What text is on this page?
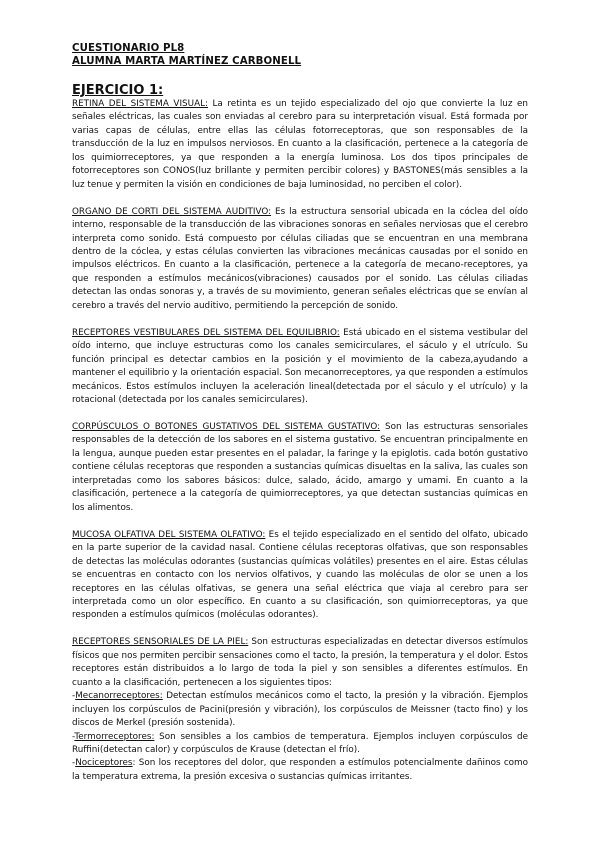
CUESTIONARIO PL8
ALUMNA MARTA MARTÍNEZ CARBONELL
EJERCICIO 1:

RETINA DEL SISTEMA VISUAL: La retinta es un tejido especializado del ojo que convierte la luz en señales eléctricas, las cuales son enviadas al cerebro para su interpretación visual. Está formada por varias capas de células, entre ellas las células fotorreceptoras, que son responsables de la transducción de la luz en impulsos nerviosos. En cuanto a la clasificación, pertenece a la categoría de los quimiorreceptores, ya que responden a la energía luminosa. Los dos tipos principales de fotorreceptores son CONOS(luz brillante y permiten percibir colores) y BASTONES(más sensibles a la luz tenue y permiten la visión en condiciones de baja luminosidad, no perciben el color).

ORGANO DE CORTI DEL SISTEMA AUDITIVO: Es la estructura sensorial ubicada en la cóclea del oído interno, responsable de la transducción de las vibraciones sonoras en señales nerviosas que el cerebro interpreta como sonido. Está compuesto por células ciliadas que se encuentran en una membrana dentro de la cóclea, y estas células convierten las vibraciones mecánicas causadas por el sonido en impulsos eléctricos. En cuanto a la clasificación, pertenece a la categoría de mecano-receptores, ya que responden a estímulos mecánicos(vibraciones) causados por el sonido. Las células ciliadas detectan las ondas sonoras y, a través de su movimiento, generan señales eléctricas que se envían al cerebro a través del nervio auditivo, permitiendo la percepción de sonido.

RECEPTORES VESTIBULARES DEL SISTEMA DEL EQUILIBRIO: Está ubicado en el sistema vestibular del oído interno, que incluye estructuras como los canales semicirculares, el sáculo y el utrículo. Su función principal es detectar cambios en la posición y el movimiento de la cabeza,ayudando a mantener el equilibrio y la orientación espacial. Son mecanorreceptores, ya que responden a estímulos mecánicos. Estos estímulos incluyen la aceleración lineal(detectada por el sáculo y el utrículo) y la rotacional (detectada por los canales semicirculares).

CORPÚSCULOS O BOTONES GUSTATIVOS DEL SISTEMA GUSTATIVO: Son las estructuras sensoriales responsables de la detección de los sabores en el sistema gustativo. Se encuentran principalmente en la lengua, aunque pueden estar presentes en el paladar, la faringe y la epiglotis. cada botón gustativo contiene células receptoras que responden a sustancias químicas disueltas en la saliva, las cuales son interpretadas como los sabores básicos: dulce, salado, ácido, amargo y umami. En cuanto a la clasificación, pertenece a la categoría de quimiorreceptores, ya que detectan sustancias químicas en los alimentos.

MUCOSA OLFATIVA DEL SISTEMA OLFATIVO: Es el tejido especializado en el sentido del olfato, ubicado en la parte superior de la cavidad nasal. Contiene células receptoras olfativas, que son responsables de detectas las moléculas odorantes (sustancias químicas volátiles) presentes en el aire. Estas células se encuentras en contacto con los nervios olfativos, y cuando las moléculas de olor se unen a los receptores en las células olfativas, se genera una señal eléctrica que viaja al cerebro para ser interpretada como un olor específico. En cuanto a su clasificación, son quimiorreceptoras, ya que responden a estímulos químicos (moléculas odorantes).

RECEPTORES SENSORIALES DE LA PIEL: Son estructuras especializadas en detectar diversos estímulos físicos que nos permiten percibir sensaciones como el tacto, la presión, la temperatura y el dolor. Estos receptores están distribuidos a lo largo de toda la piel y son sensibles a diferentes estímulos. En cuanto a la clasificación, pertenecen a los siguientes tipos:
-Mecanorreceptores: Detectan estímulos mecánicos como el tacto, la presión y la vibración. Ejemplos incluyen los corpúsculos de Pacini(presión y vibración), los corpúsculos de Meissner (tacto fino) y los discos de Merkel (presión sostenida).
-Termorreceptores: Son sensibles a los cambios de temperatura. Ejemplos incluyen corpúsculos de Ruffini(detectan calor) y corpúsculos de Krause (detectan el frío).
-Nociceptores: Son los receptores del dolor, que responden a estímulos potencialmente dañinos como la temperatura extrema, la presión excesiva o sustancias químicas irritantes.
